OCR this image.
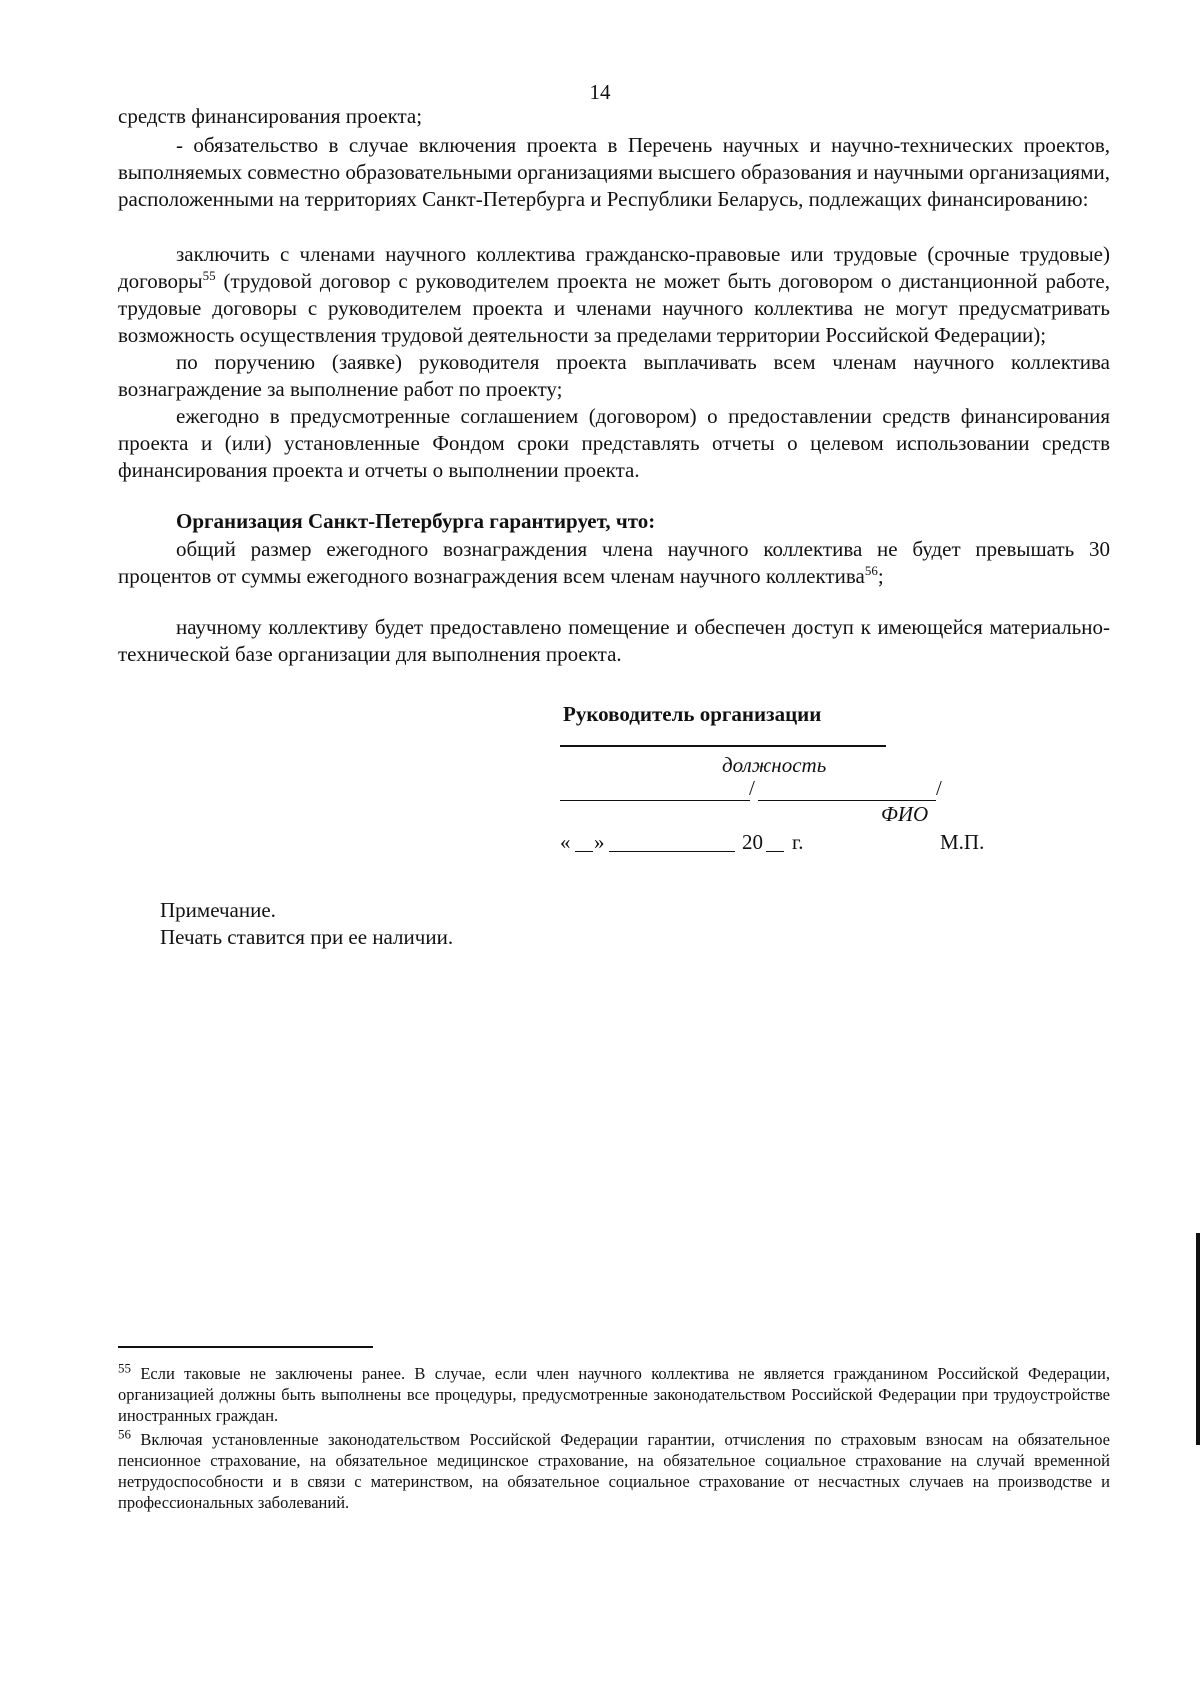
14

средств финансирования проекта;

- обязательство в случае включения проекта в Перечень научных и научно-технических проектов, выполняемых совместно образовательными организациями высшего образования и научными организациями, расположенными на территориях Санкт-Петербурга и Республики Беларусь, подлежащих финансированию:

заключить с членами научного коллектива гражданско-правовые или трудовые (срочные трудовые) договоры$^{55}$ (трудовой договор с руководителем проекта не может быть договором о дистанционной работе, трудовые договоры с руководителем проекта и членами научного коллектива не могут предусматривать возможность осуществления трудовой деятельности за пределами территории Российской Федерации);

по поручению (заявке) руководителя проекта выплачивать всем членам научного коллектива вознаграждение за выполнение работ по проекту;

ежегодно в предусмотренные соглашением (договором) о предоставлении средств финансирования проекта и (или) установленные Фондом сроки представлять отчеты о целевом использовании средств финансирования проекта и отчеты о выполнении проекта.

Организация Санкт-Петербурга гарантирует, что:

общий размер ежегодного вознаграждения члена научного коллектива не будет превышать 30 процентов от суммы ежегодного вознаграждения всем членам научного коллектива$^{56}$;

научному коллективу будет предоставлено помещение и обеспечен доступ к имеющейся материально-технической базе организации для выполнения проекта.

Руководитель организации
должность
/	/
ФИО
« »	20 г.	М.П.
Примечание.
Печать ставится при ее наличии.

$^{55}$ Если таковые не заключены ранее. В случае, если член научного коллектива не является гражданином Российской Федерации, организацией должны быть выполнены все процедуры, предусмотренные законодательством Российской Федерации при трудоустройстве иностранных граждан.

$^{56}$ Включая установленные законодательством Российской Федерации гарантии, отчисления по страховым взносам на обязательное пенсионное страхование, на обязательное медицинское страхование, на обязательное социальное страхование на случай временной нетрудоспособности и в связи с материнством, на обязательное социальное страхование от несчастных случаев на производстве и профессиональных заболеваний.
